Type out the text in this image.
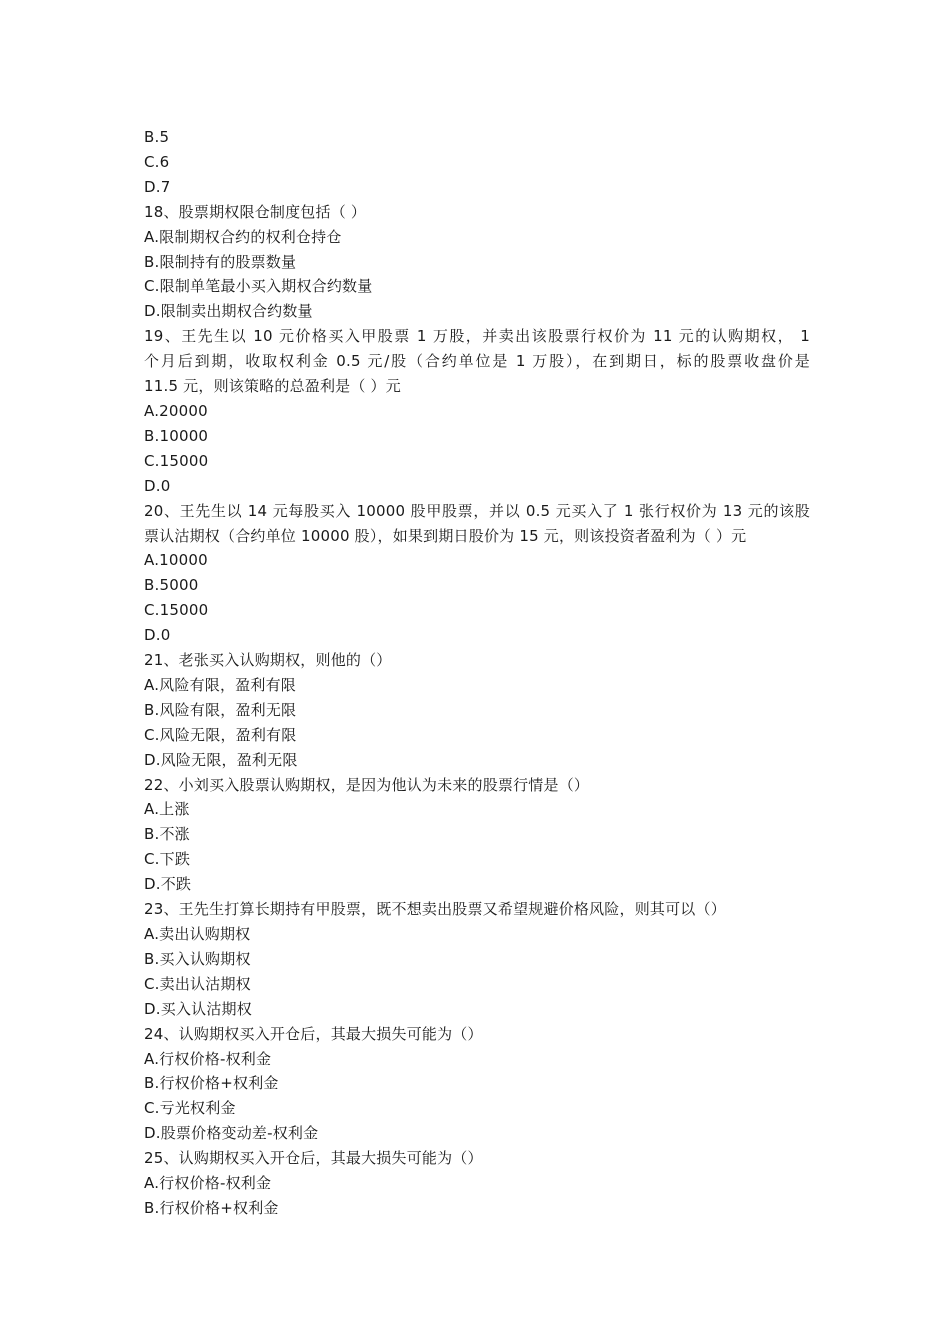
B.5
C.6
D.7
18、股票期权限仓制度包括（ ）
A.限制期权合约的权利仓持仓
B.限制持有的股票数量
C.限制单笔最小买入期权合约数量
D.限制卖出期权合约数量
19、王先生以 10 元价格买入甲股票 1 万股，并卖出该股票行权价为 11 元的认购期权， 1
个月后到期，收取权利金 0.5 元/股（合约单位是 1 万股），在到期日，标的股票收盘价是
11.5 元，则该策略的总盈利是（ ）元
A.20000
B.10000
C.15000
D.0
20、王先生以 14 元每股买入 10000 股甲股票，并以 0.5 元买入了 1 张行权价为 13 元的该股
票认沽期权（合约单位 10000 股），如果到期日股价为 15 元，则该投资者盈利为（ ）元
A.10000
B.5000
C.15000
D.0
21、老张买入认购期权，则他的（）
A.风险有限，盈利有限
B.风险有限，盈利无限
C.风险无限，盈利有限
D.风险无限，盈利无限
22、小刘买入股票认购期权，是因为他认为未来的股票行情是（）
A.上涨
B.不涨
C.下跌
D.不跌
23、王先生打算长期持有甲股票，既不想卖出股票又希望规避价格风险，则其可以（）
A.卖出认购期权
B.买入认购期权
C.卖出认沽期权
D.买入认沽期权
24、认购期权买入开仓后，其最大损失可能为（）
A.行权价格-权利金
B.行权价格+权利金
C.亏光权利金
D.股票价格变动差-权利金
25、认购期权买入开仓后，其最大损失可能为（）
A.行权价格-权利金
B.行权价格+权利金
